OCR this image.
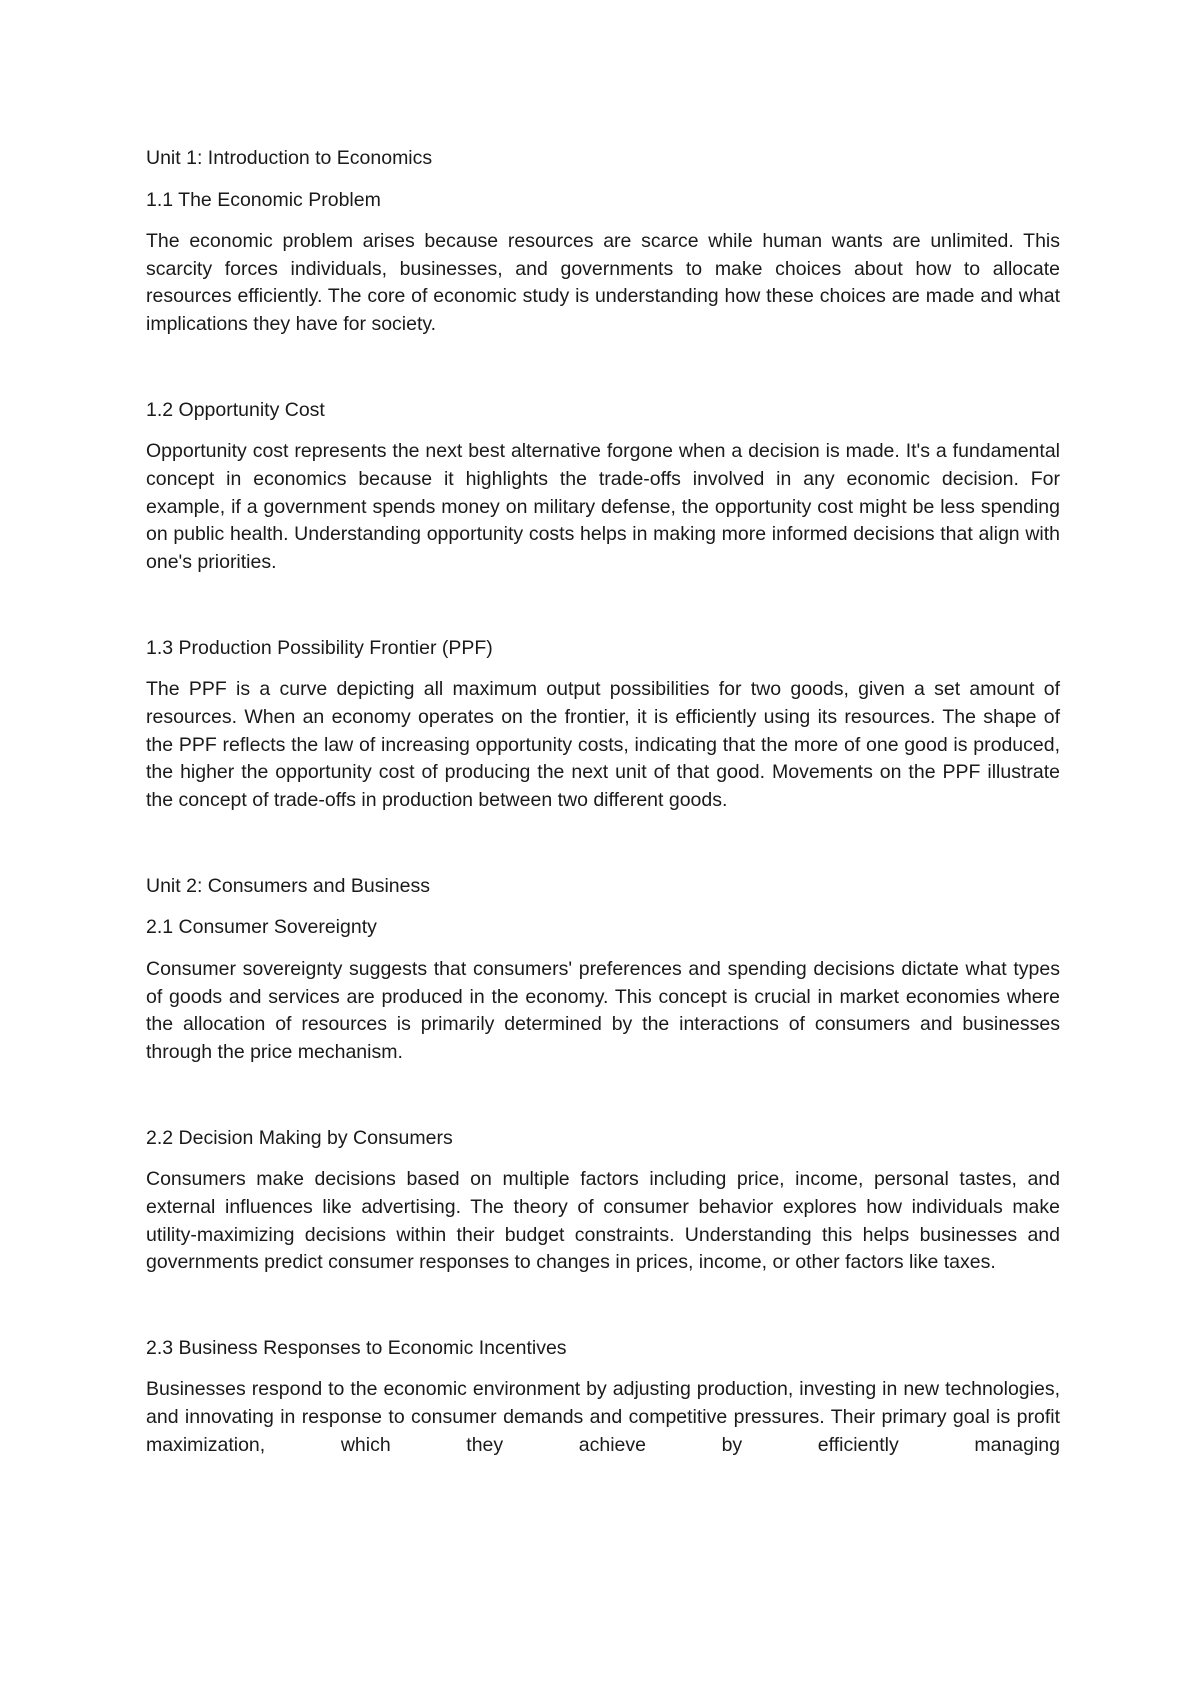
Unit 1: Introduction to Economics
1.1 The Economic Problem

The economic problem arises because resources are scarce while human wants are unlimited. This scarcity forces individuals, businesses, and governments to make choices about how to allocate resources efficiently. The core of economic study is understanding how these choices are made and what implications they have for society.

1.2 Opportunity Cost

Opportunity cost represents the next best alternative forgone when a decision is made. It's a fundamental concept in economics because it highlights the trade-offs involved in any economic decision. For example, if a government spends money on military defense, the opportunity cost might be less spending on public health. Understanding opportunity costs helps in making more informed decisions that align with one's priorities.

1.3 Production Possibility Frontier (PPF)

The PPF is a curve depicting all maximum output possibilities for two goods, given a set amount of resources. When an economy operates on the frontier, it is efficiently using its resources. The shape of the PPF reflects the law of increasing opportunity costs, indicating that the more of one good is produced, the higher the opportunity cost of producing the next unit of that good. Movements on the PPF illustrate the concept of trade-offs in production between two different goods.

Unit 2: Consumers and Business
2.1 Consumer Sovereignty

Consumer sovereignty suggests that consumers' preferences and spending decisions dictate what types of goods and services are produced in the economy. This concept is crucial in market economies where the allocation of resources is primarily determined by the interactions of consumers and businesses through the price mechanism.

2.2 Decision Making by Consumers

Consumers make decisions based on multiple factors including price, income, personal tastes, and external influences like advertising. The theory of consumer behavior explores how individuals make utility-maximizing decisions within their budget constraints. Understanding this helps businesses and governments predict consumer responses to changes in prices, income, or other factors like taxes.

2.3 Business Responses to Economic Incentives

Businesses respond to the economic environment by adjusting production, investing in new technologies, and innovating in response to consumer demands and competitive pressures. Their primary goal is profit maximization, which they achieve by efficiently managing
